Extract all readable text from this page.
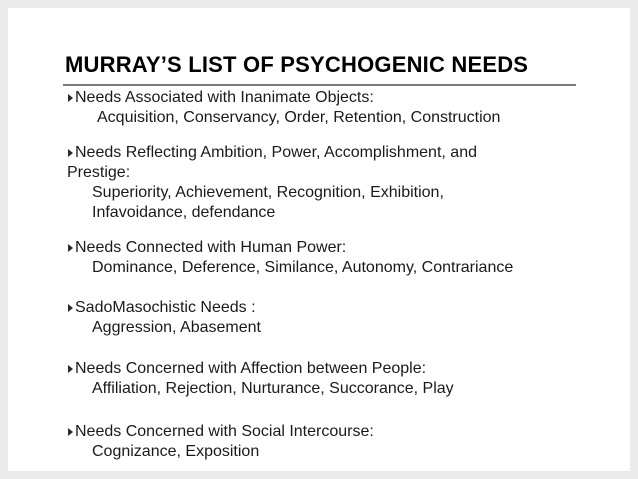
MURRAY’S LIST OF PSYCHOGENIC NEEDS
Needs Associated with Inanimate Objects:
Acquisition, Conservancy, Order, Retention, Construction
Needs Reflecting Ambition, Power, Accomplishment, and Prestige:
Superiority, Achievement, Recognition, Exhibition,
Infavoidance, defendance
Needs Connected with Human Power:
Dominance, Deference, Similance, Autonomy, Contrariance
SadoMasochistic Needs :
Aggression, Abasement
Needs Concerned with Affection between People:
Affiliation, Rejection, Nurturance, Succorance, Play
Needs Concerned with Social Intercourse:
Cognizance, Exposition
